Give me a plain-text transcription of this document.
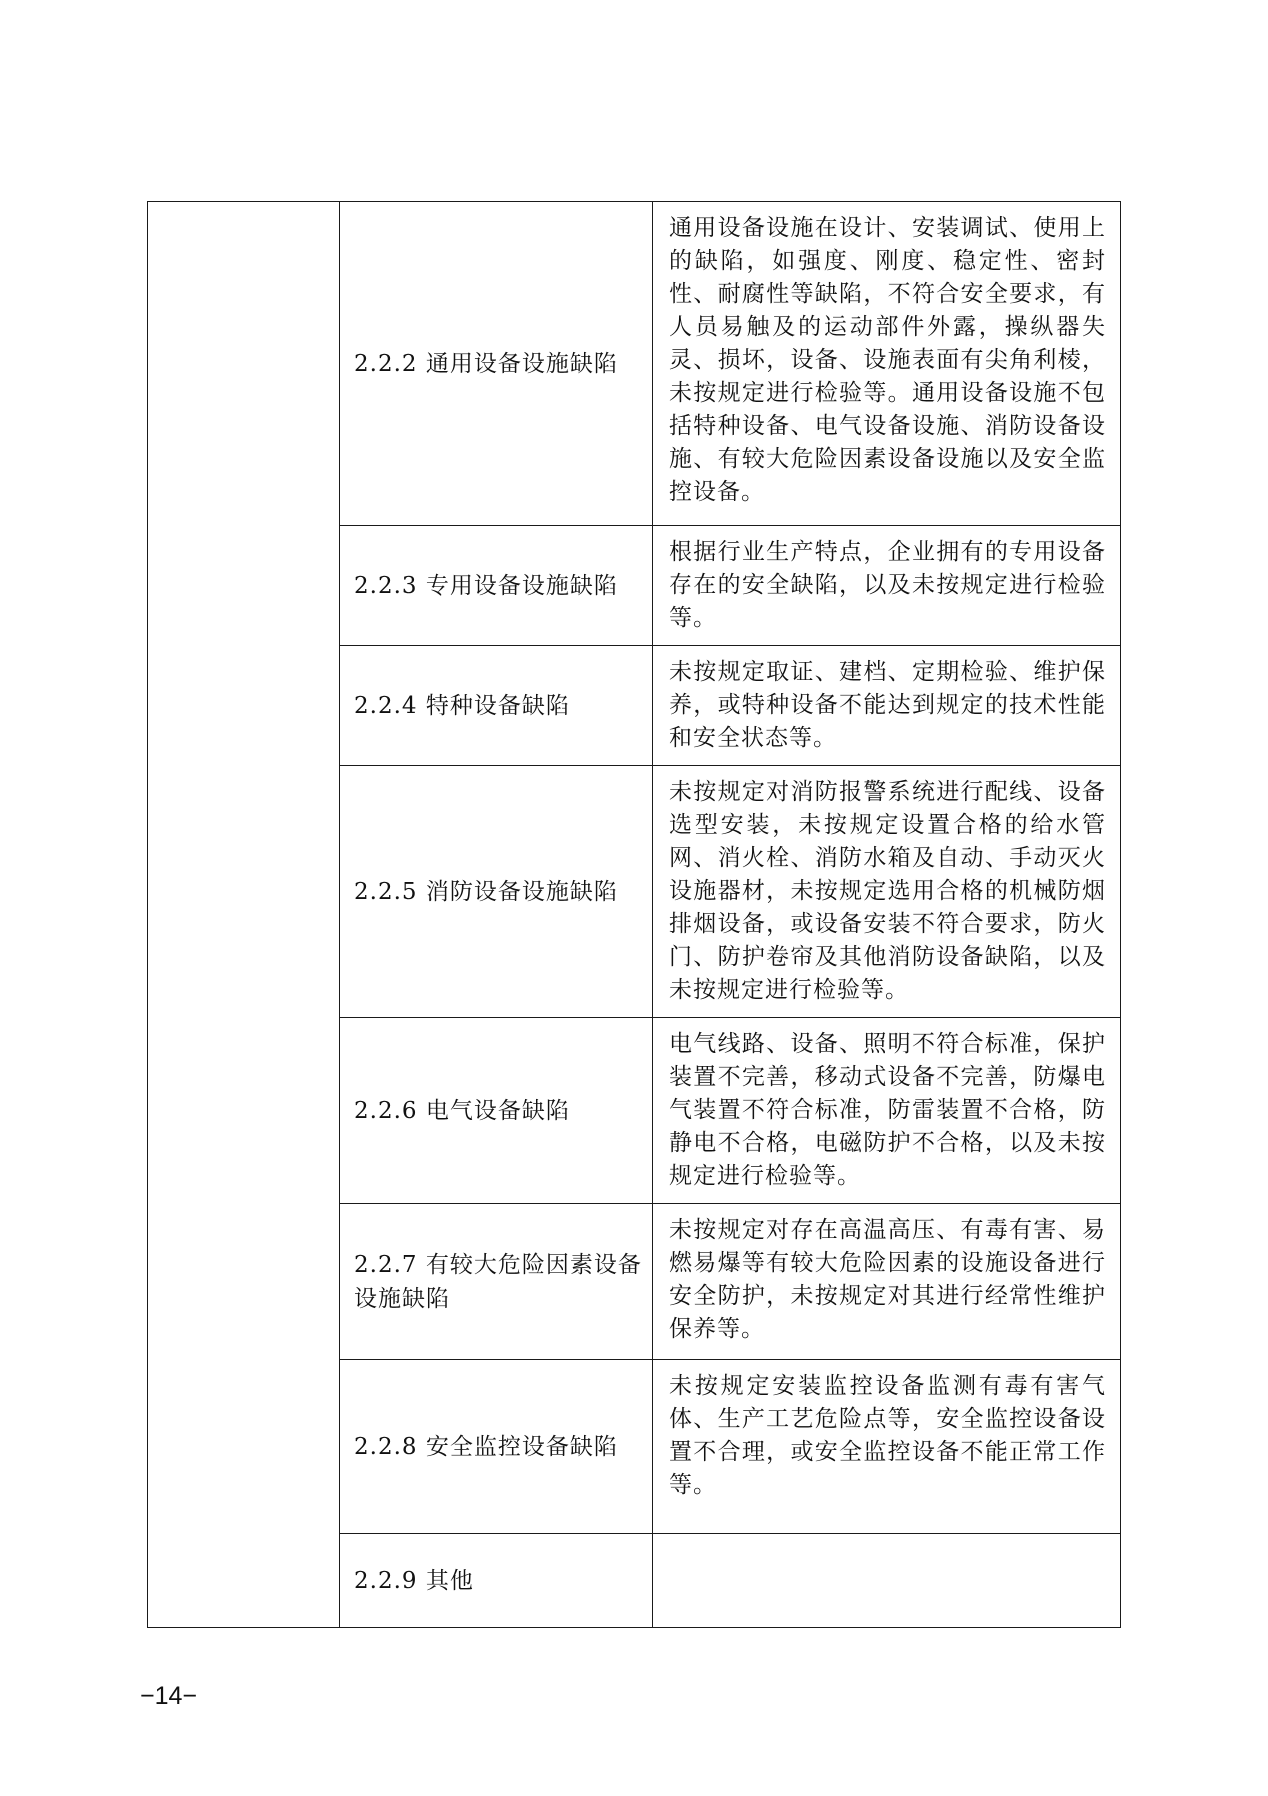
	2.2.2 通用设备设施缺陷	通用设备设施在设计、安装调试、使用上的缺陷，如强度、刚度、稳定性、密封性、耐腐性等缺陷，不符合安全要求，有人员易触及的运动部件外露，操纵器失灵、损坏，设备、设施表面有尖角利棱，未按规定进行检验等。通用设备设施不包括特种设备、电气设备设施、消防设备设施、有较大危险因素设备设施以及安全监控设备。
	2.2.3 专用设备设施缺陷	根据行业生产特点，企业拥有的专用设备存在的安全缺陷，以及未按规定进行检验等。
	2.2.4 特种设备缺陷	未按规定取证、建档、定期检验、维护保养，或特种设备不能达到规定的技术性能和安全状态等。
	2.2.5 消防设备设施缺陷	未按规定对消防报警系统进行配线、设备选型安装，未按规定设置合格的给水管网、消火栓、消防水箱及自动、手动灭火设施器材，未按规定选用合格的机械防烟排烟设备，或设备安装不符合要求，防火门、防护卷帘及其他消防设备缺陷，以及未按规定进行检验等。
	2.2.6 电气设备缺陷	电气线路、设备、照明不符合标准，保护装置不完善，移动式设备不完善，防爆电气装置不符合标准，防雷装置不合格，防静电不合格，电磁防护不合格，以及未按规定进行检验等。
	2.2.7 有较大危险因素设备设施缺陷	未按规定对存在高温高压、有毒有害、易燃易爆等有较大危险因素的设施设备进行安全防护，未按规定对其进行经常性维护保养等。
	2.2.8 安全监控设备缺陷	未按规定安装监控设备监测有毒有害气体、生产工艺危险点等，安全监控设备设置不合理，或安全监控设备不能正常工作等。
	2.2.9 其他	
−14−
